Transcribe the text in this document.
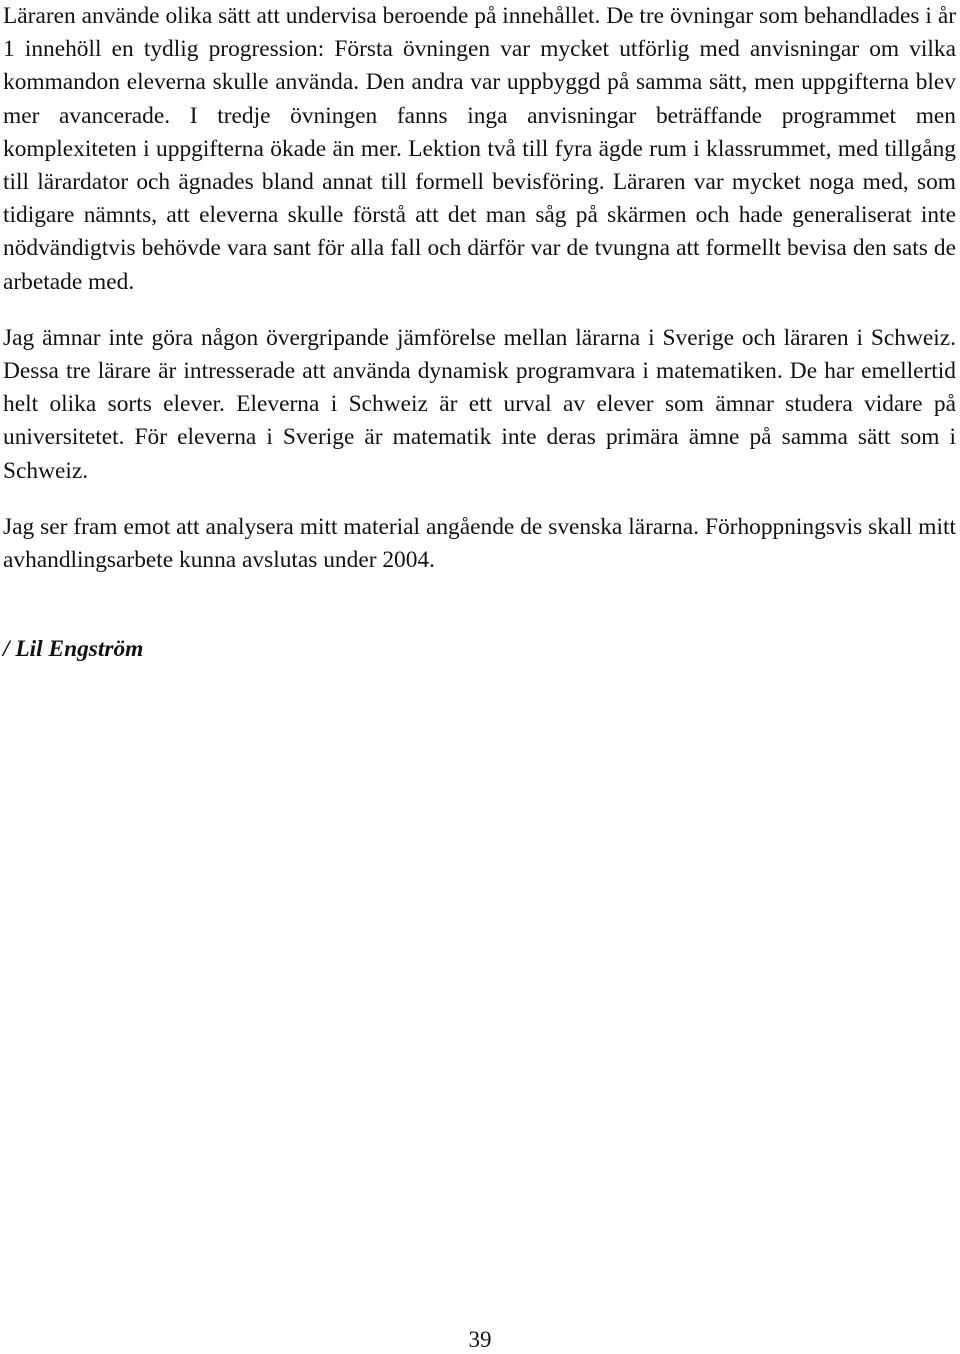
Läraren använde olika sätt att undervisa beroende på innehållet. De tre övningar som behandlades i år 1 innehöll en tydlig progression: Första övningen var mycket utförlig med anvisningar om vilka kommandon eleverna skulle använda. Den andra var uppbyggd på samma sätt, men uppgifterna blev mer avancerade. I tredje övningen fanns inga anvisningar beträffande programmet men komplexiteten i uppgifterna ökade än mer. Lektion två till fyra ägde rum i klassrummet, med tillgång till lärardator och ägnades bland annat till formell bevisföring. Läraren var mycket noga med, som tidigare nämnts, att eleverna skulle förstå att det man såg på skärmen och hade generaliserat inte nödvändigtvis behövde vara sant för alla fall och därför var de tvungna att formellt bevisa den sats de arbetade med.

Jag ämnar inte göra någon övergripande jämförelse mellan lärarna i Sverige och läraren i Schweiz. Dessa tre lärare är intresserade att använda dynamisk programvara i matematiken. De har emellertid helt olika sorts elever. Eleverna i Schweiz är ett urval av elever som ämnar studera vidare på universitetet. För eleverna i Sverige är matematik inte deras primära ämne på samma sätt som i Schweiz.

Jag ser fram emot att analysera mitt material angående de svenska lärarna. Förhoppningsvis skall mitt avhandlingsarbete kunna avslutas under 2004.

/ Lil Engström

39
